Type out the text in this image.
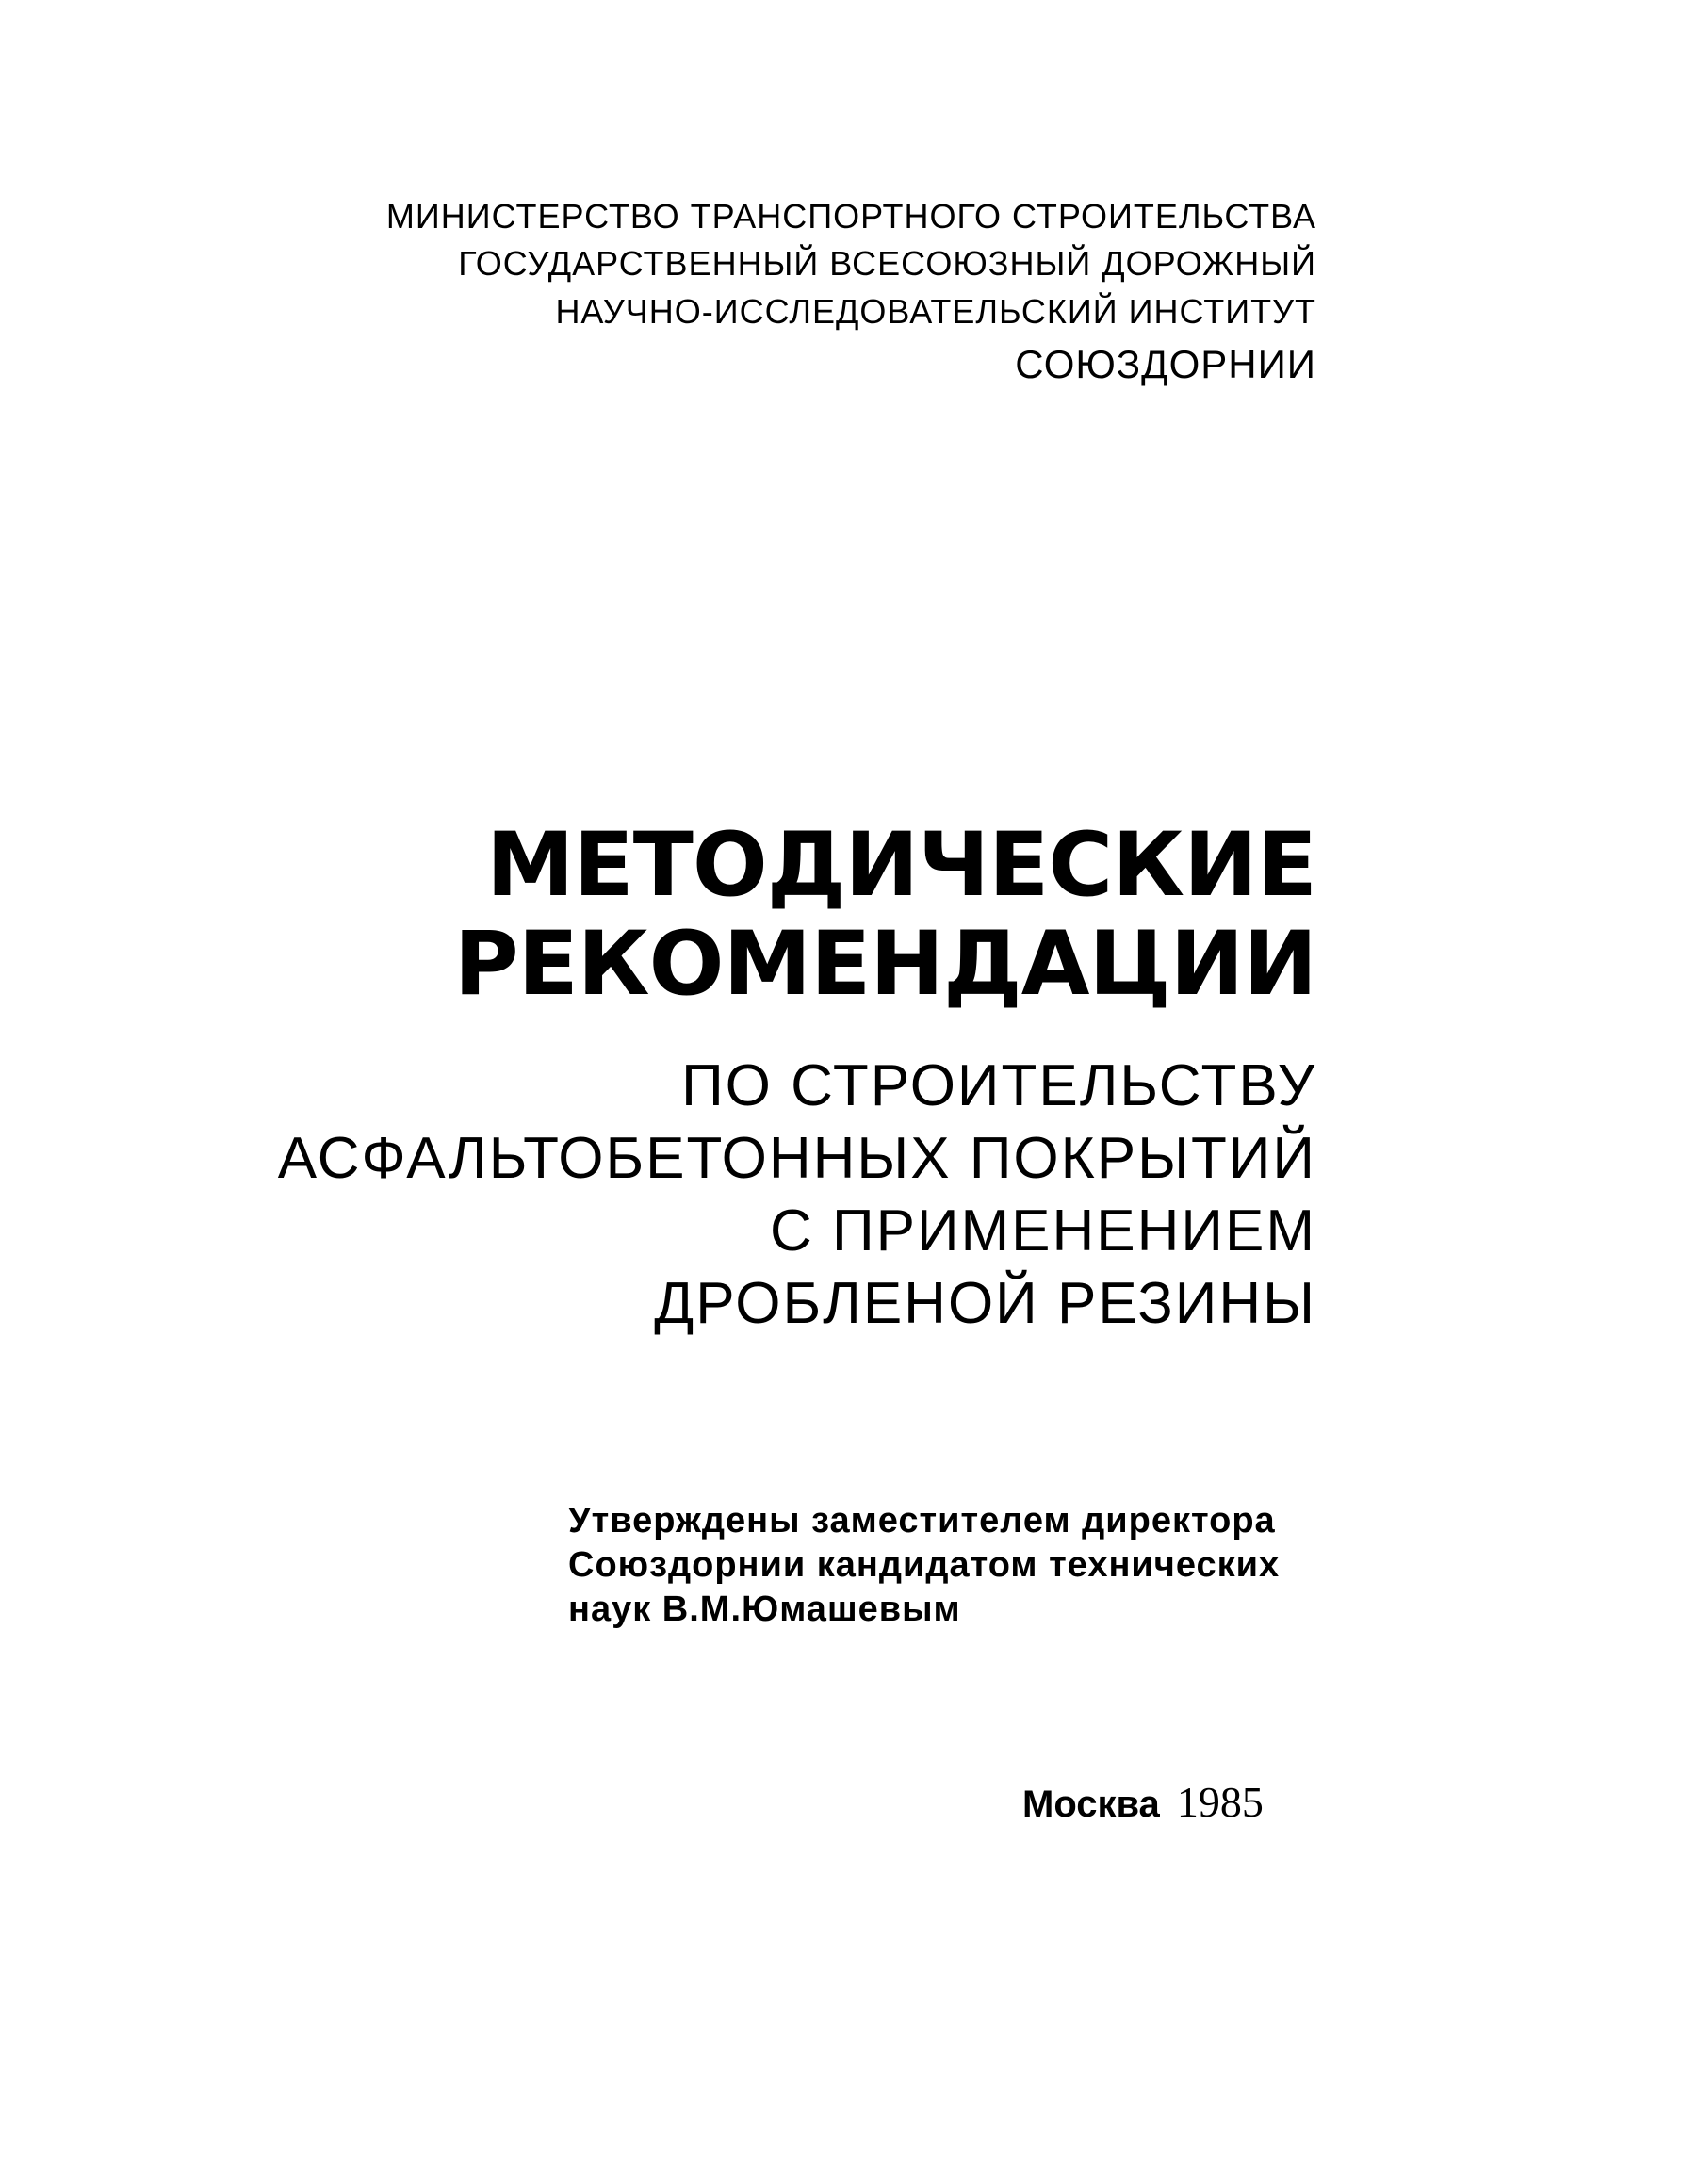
МИНИСТЕРСТВО ТРАНСПОРТНОГО СТРОИТЕЛЬСТВА
ГОСУДАРСТВЕННЫЙ ВСЕСОЮЗНЫЙ ДОРОЖНЫЙ
НАУЧНО-ИССЛЕДОВАТЕЛЬСКИЙ ИНСТИТУТ
СОЮЗДОРНИИ
МЕТОДИЧЕСКИЕ
РЕКОМЕНДАЦИИ
ПО СТРОИТЕЛЬСТВУ
АСФАЛЬТОБЕТОННЫХ ПОКРЫТИЙ
С ПРИМЕНЕНИЕМ
ДРОБЛЕНОЙ РЕЗИНЫ
Утверждены заместителем директора
Союздорнии кандидатом технических
наук В.М.Юмашевым
Москва 1985
